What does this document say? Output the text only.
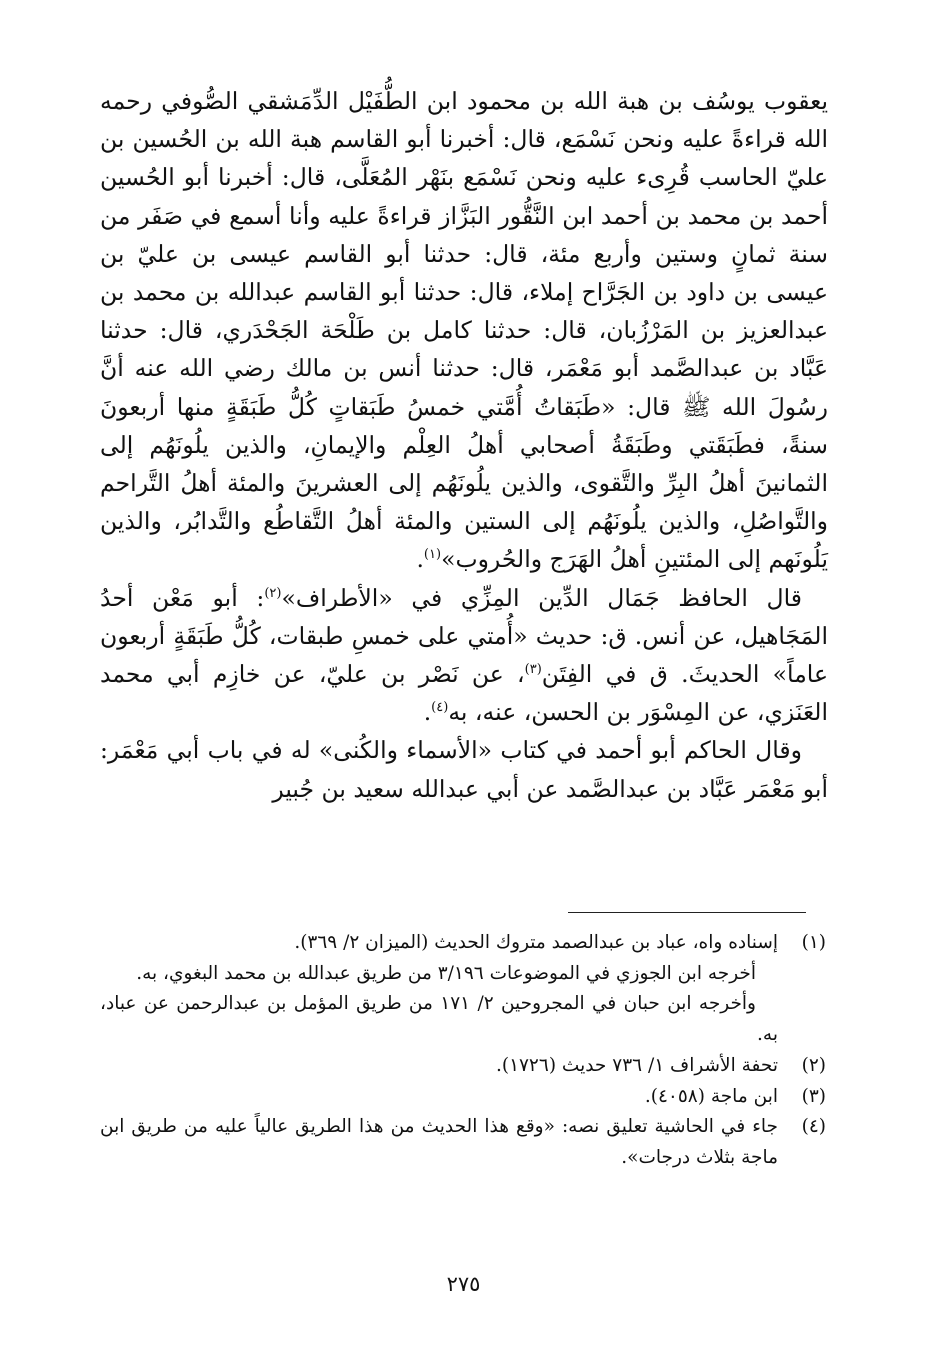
يعقوب يوسُف بن هبة الله بن محمود ابن الطُّفَيْل الدِّمَشقي الصُّوفي رحمه الله قراءةً عليه ونحن نَسْمَع، قال: أخبرنا أبو القاسم هبة الله بن الحُسين بن عليّ الحاسب قُرِىء عليه ونحن نَسْمَع بنَهْر المُعَلَّى، قال: أخبرنا أبو الحُسين أحمد بن محمد بن أحمد ابن النَّقُّور البَزَّاز قراءةً عليه وأنا أسمع في صَفَر من سنة ثمانٍ وستين وأربع مئة، قال: حدثنا أبو القاسم عيسى بن عليّ بن عيسى بن داود بن الجَرَّاح إملاء، قال: حدثنا أبو القاسم عبدالله بن محمد بن عبدالعزيز بن المَرْزُبان، قال: حدثنا كامل بن طَلْحَة الجَحْدَري، قال: حدثنا عَبَّاد بن عبدالصَّمد أبو مَعْمَر، قال: حدثنا أنس بن مالك رضي الله عنه أنَّ رسُولَ الله ﷺ قال: «طَبَقاتُ أُمَّتي خمسُ طَبَقاتٍ كُلُّ طَبَقَةٍ منها أربعونَ سنةً، فطَبَقَتي وطَبَقَةُ أصحابي أهلُ العِلْم والإيمانِ، والذين يلُونَهُم إلى الثمانينَ أهلُ البِرِّ والتَّقوى، والذين يلُونَهُم إلى العشرينَ والمئة أهلُ التَّراحم والتَّواصُلِ، والذين يلُونَهُم إلى الستين والمئة أهلُ التَّقاطُع والتَّدابُر، والذين يَلُونَهم إلى المئتينِ أهلُ الهَرَج والحُروب»$^{(١)}$.

قال الحافظ جَمَال الدِّين المِزِّي في «الأطراف»$^{(٢)}$: أبو مَعْن أحدُ المَجَاهيل، عن أنس. ق: حديث «أُمتي على خمسِ طبقات، كُلُّ طَبَقَةٍ أربعون عاماً» الحديثَ. ق في الفِتَن$^{(٣)}$، عن نَصْر بن عليّ، عن خازِم أبي محمد العَنَزي، عن المِسْوَر بن الحسن، عنه، به$^{(٤)}$.

وقال الحاكم أبو أحمد في كتاب «الأسماء والكُنى» له في باب أبي مَعْمَر: أبو مَعْمَر عَبَّاد بن عبدالصَّمد عن أبي عبدالله سعيد بن جُبير

(١)
إسناده واه، عباد بن عبدالصمد متروك الحديث (الميزان ٢/ ٣٦٩).
أخرجه ابن الجوزي في الموضوعات ٣/١٩٦ من طريق عبدالله بن محمد البغوي، به.
وأخرجه ابن حبان في المجروحين ٢/ ١٧١ من طريق المؤمل بن عبدالرحمن عن عباد، به.
(٢)
تحفة الأشراف ١/ ٧٣٦ حديث (١٧٢٦).
(٣)
ابن ماجة (٤٠٥٨).
(٤)
جاء في الحاشية تعليق نصه: «وقع هذا الحديث من هذا الطريق عالياً عليه من طريق ابن ماجة بثلاث درجات».
٢٧٥
